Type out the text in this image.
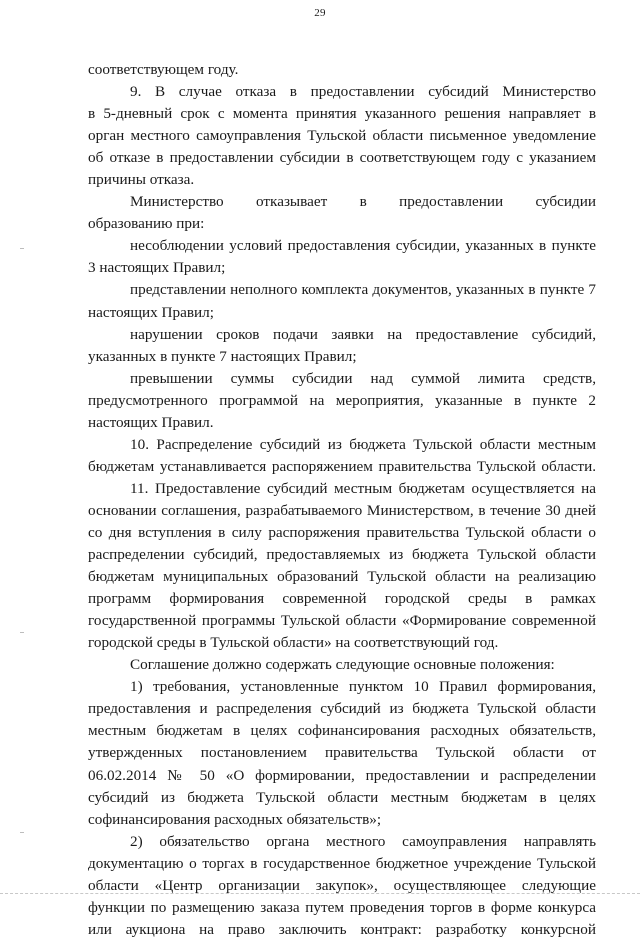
29
соответствующем году.
9. В случае отказа в предоставлении субсидий Министерство
в 5-дневный срок с момента принятия указанного решения направляет в
орган местного самоуправления Тульской области письменное уведомление
об отказе в предоставлении субсидии в соответствующем году с указанием
причины отказа.
Министерство отказывает в предоставлении субсидии
образованию при:
несоблюдении условий предоставления субсидии, указанных в пункте
3 настоящих Правил;
представлении неполного комплекта документов, указанных в пункте 7
настоящих Правил;
нарушении сроков подачи заявки на предоставление субсидий,
указанных в пункте 7 настоящих Правил;
превышении суммы субсидии над суммой лимита средств,
предусмотренного программой на мероприятия, указанные в пункте 2
настоящих Правил.
10. Распределение субсидий из бюджета Тульской области местным
бюджетам устанавливается распоряжением правительства Тульской области.
11. Предоставление субсидий местным бюджетам осуществляется на
основании соглашения, разрабатываемого Министерством, в течение 30 дней
со дня вступления в силу распоряжения правительства Тульской области о
распределении субсидий, предоставляемых из бюджета Тульской области
бюджетам муниципальных образований Тульской области на реализацию
программ формирования современной городской среды в рамках
государственной программы Тульской области «Формирование современной
городской среды в Тульской области» на соответствующий год.
Соглашение должно содержать следующие основные положения:
1) требования, установленные пунктом 10 Правил формирования,
предоставления и распределения субсидий из бюджета Тульской области
местным бюджетам в целях софинансирования расходных обязательств,
утвержденных постановлением правительства Тульской области от
06.02.2014 № 50 «О формировании, предоставлении и распределении
субсидий из бюджета Тульской области местным бюджетам в целях
софинансирования расходных обязательств»;
2) обязательство органа местного самоуправления направлять
документацию о торгах в государственное бюджетное учреждение Тульской
области «Центр организации закупок», осуществляющее следующие
функции по размещению заказа путем проведения торгов в форме конкурса
или аукциона на право заключить контракт: разработку конкурсной
